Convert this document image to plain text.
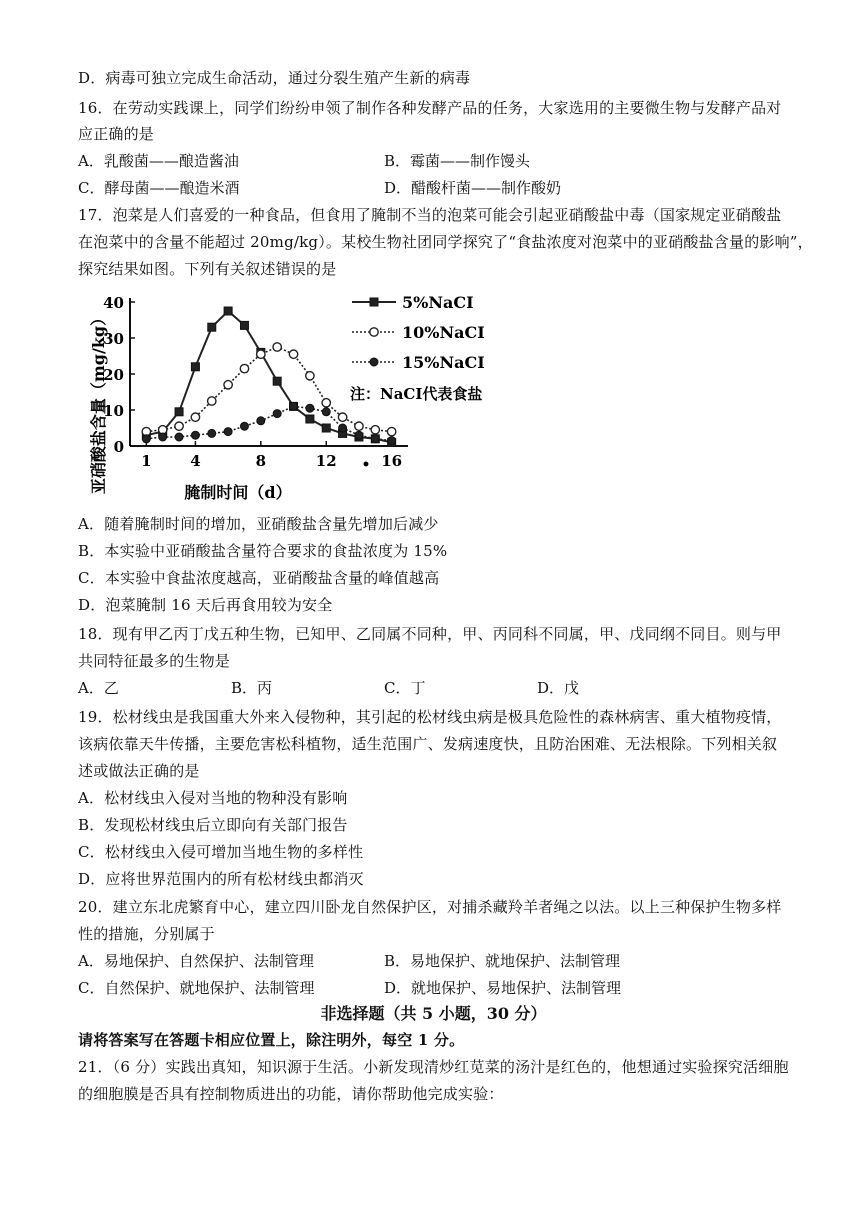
D．病毒可独立完成生命活动，通过分裂生殖产生新的病毒
16．在劳动实践课上，同学们纷纷申领了制作各种发酵产品的任务，大家选用的主要微生物与发酵产品对
应正确的是
A．乳酸菌——酿造酱油	B．霉菌——制作馒头
C．酵母菌——酿造米酒	D．醋酸杆菌——制作酸奶
17．泡菜是人们喜爱的一种食品，但食用了腌制不当的泡菜可能会引起亚硝酸盐中毒（国家规定亚硝酸盐
在泡菜中的含量不能超过 20mg/kg）。某校生物社团同学探究了“食盐浓度对泡菜中的亚硝酸盐含量的影响”，
探究结果如图。下列有关叙述错误的是
亚硝酸盐含量（mg/kg） 0
10
20
30
40
1	4	8	12	16
5%NaCI
10%NaCI
15%NaCI
腌制时间（d）
注：NaCI代表食盐
•
A．随着腌制时间的增加，亚硝酸盐含量先增加后减少
B．本实验中亚硝酸盐含量符合要求的食盐浓度为 15%
C．本实验中食盐浓度越高，亚硝酸盐含量的峰值越高
D．泡菜腌制 16 天后再食用较为安全
18．现有甲乙丙丁戊五种生物，已知甲、乙同属不同种，甲、丙同科不同属，甲、戊同纲不同目。则与甲
共同特征最多的生物是
A．乙	B．丙	C．丁	D．戊
19．松材线虫是我国重大外来入侵物种，其引起的松材线虫病是极具危险性的森林病害、重大植物疫情，
该病依靠天牛传播，主要危害松科植物，适生范围广、发病速度快，且防治困难、无法根除。下列相关叙
述或做法正确的是
A．松材线虫入侵对当地的物种没有影响
B．发现松材线虫后立即向有关部门报告
C．松材线虫入侵可增加当地生物的多样性
D．应将世界范围内的所有松材线虫都消灭
20．建立东北虎繁育中心，建立四川卧龙自然保护区，对捕杀藏羚羊者绳之以法。以上三种保护生物多样
性的措施，分别属于
A．易地保护、自然保护、法制管理	B．易地保护、就地保护、法制管理
C．自然保护、就地保护、法制管理	D．就地保护、易地保护、法制管理
非选择题（共 5 小题，30 分）
请将答案写在答题卡相应位置上，除注明外，每空 1 分。
21．（6 分）实践出真知，知识源于生活。小新发现清炒红苋菜的汤汁是红色的，他想通过实验探究活细胞
的细胞膜是否具有控制物质进出的功能，请你帮助他完成实验：
